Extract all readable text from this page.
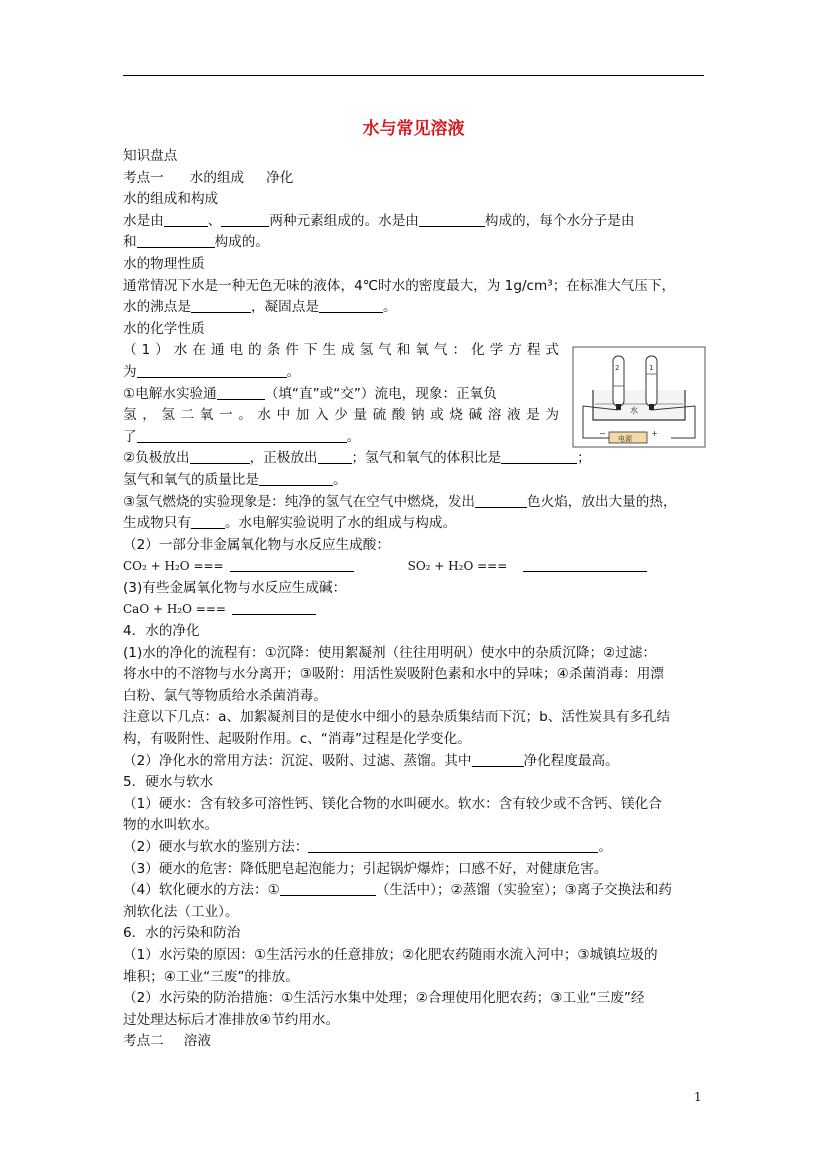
水与常见溶液
知识盘点
考点一 水的组成 净化
水的组成和构成
水是由	、	两种元素组成的。水是由	构成的，每个水分子是由
和	构成的。
水的物理性质
通常情况下水是一种无色无味的液体，4℃时水的密度最大，为 1g/cm³；在标准大气压下，
水的沸点是	，凝固点是	。
水的化学性质
（1）水在通电的条件下生成氢气和氧气：化学方程式
为	。
①电解水实验通	（填“直”或“交”）流电，现象：正氧负
氢，氢二氧一。水中加入少量硫酸钠或烧碱溶液是为
了	。
②负极放出	，正极放出	；氢气和氧气的体积比是	；
氢气和氧气的质量比是	。
③氢气燃烧的实验现象是：纯净的氢气在空气中燃烧，发出	色火焰，放出大量的热，
生成物只有	。水电解实验说明了水的组成与构成。
（2）一部分非金属氧化物与水反应生成酸：
CO₂ + H₂O ===	SO₂ + H₂O ===
(3)有些金属氧化物与水反应生成碱：
CaO + H₂O ===
4．水的净化
(1)水的净化的流程有：①沉降：使用絮凝剂（往往用明矾）使水中的杂质沉降；②过滤：
将水中的不溶物与水分离开；③吸附：用活性炭吸附色素和水中的异味；④杀菌消毒：用漂
白粉、氯气等物质给水杀菌消毒。
注意以下几点：a、加絮凝剂目的是使水中细小的悬杂质集结而下沉；b、活性炭具有多孔结
构，有吸附性、起吸附作用。c、“消毒”过程是化学变化。
（2）净化水的常用方法：沉淀、吸附、过滤、蒸馏。其中	净化程度最高。
5．硬水与软水
（1）硬水：含有较多可溶性钙、镁化合物的水叫硬水。软水：含有较少或不含钙、镁化合
物的水叫软水。
（2）硬水与软水的鉴别方法：	。
（3）硬水的危害：降低肥皂起泡能力；引起锅炉爆炸；口感不好，对健康危害。
（4）软化硬水的方法：①	（生活中）；②蒸馏（实验室）；③离子交换法和药
剂软化法（工业）。
6．水的污染和防治
（1）水污染的原因：①生活污水的任意排放；②化肥农药随雨水流入河中；③城镇垃圾的
堆积；④工业“三废”的排放。
（2）水污染的防治措施：①生活污水集中处理；②合理使用化肥农药；③工业“三废”经
过处理达标后才准排放④节约用水。
考点二 溶液
2	1
水
电源
−	+
1
